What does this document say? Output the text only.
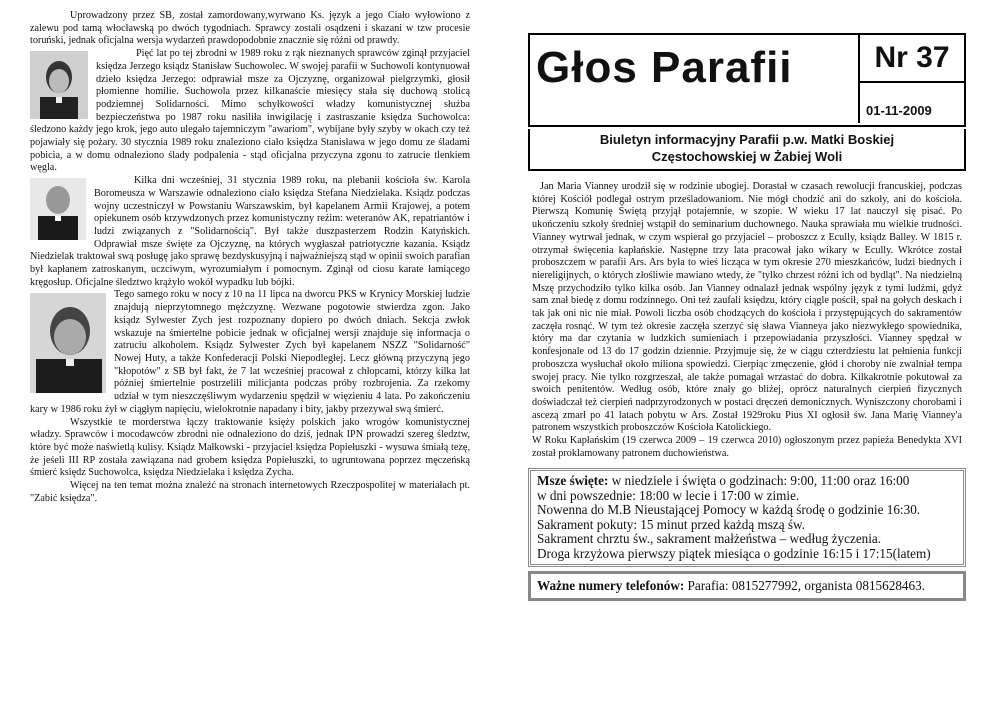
Uprowadzony przez SB, został zamordowany,wyrwano Ks. język a jego Ciało wyłowiono z zalewu pod tamą włocławską po dwóch tygodniach. Sprawcy zostali osądzeni i skazani w tzw procesie toruński, jednak oficjalna wersja wydarzeń prawdopodobnie znacznie się różni od prawdy.

Pięć lat po tej zbrodni w 1989 roku z rąk nieznanych sprawców zginął przyjaciel księdza Jerzego ksiądz Stanisław Suchowolec. W swojej parafii w Suchowoli kontynuował dzieło księdza Jerzego: odprawiał msze za Ojczyznę, organizował pielgrzymki, głosił płomienne homilie. Suchowola przez kilkanaście miesięcy stała się duchową stolicą podziemnej Solidarności. Mimo schyłkowości władzy komunistycznej służba bezpieczeństwa po 1987 roku nasiliła inwigilację i zastraszanie księdza Suchowolca: śledzono każdy jego krok, jego auto ulegało tajemniczym "awariom", wybijane były szyby w okach czy też pojawiały się pożary. 30 stycznia 1989 roku znaleziono ciało księdza Stanisława w jego domu ze śladami pobicia, a w domu odnaleziono ślady podpalenia - stąd oficjalna przyczyna zgonu to zatrucie tlenkiem węgla.

Kilka dni wcześniej, 31 stycznia 1989 roku, na plebanii kościoła św. Karola Boromeusza w Warszawie odnaleziono ciało księdza Stefana Niedzielaka. Ksiądz podczas wojny uczestniczył w Powstaniu Warszawskim, był kapelanem Armii Krajowej, a potem opiekunem osób krzywdzonych przez komunistyczny reżim: weteranów AK, repatriantów i ludzi związanych z "Solidarnością". Był także duszpasterzem Rodzin Katyńskich. Odprawiał msze święte za Ojczyznę, na których wygłaszał patriotyczne kazania. Ksiądz Niedzielak traktował swą posługę jako sprawę bezdyskusyjną i najważniejszą stąd w opinii swoich parafian był kapłanem zatroskanym, uczciwym, wyrozumiałym i pomocnym. Zginął od ciosu karate łamiącego kręgosłup. Oficjalne śledztwo krążyło wokół wypadku lub bójki.

Tego samego roku w nocy z 10 na 11 lipca na dworcu PKS w Krynicy Morskiej ludzie znajdują nieprzytomnego mężczyznę. Wezwane pogotowie stwierdza zgon. Jako ksiądz Sylwester Zych jest rozpoznany dopiero po dwóch dniach. Sekcja zwłok wskazuje na śmiertelne pobicie jednak w oficjalnej wersji znajduje się informacja o zatruciu alkoholem. Ksiądz Sylwester Zych był kapelanem NSZZ "Solidarność" Nowej Huty, a także Konfederacji Polski Niepodległej. Lecz główną przyczyną jego "kłopotów" z SB był fakt, że 7 lat wcześniej pracował z chłopcami, którzy kilka lat później śmiertelnie postrzelili milicjanta podczas próby rozbrojenia. Za rzekomy udział w tym nieszczęśliwym wydarzeniu spędził w więzieniu 4 lata. Po zakończeniu kary w 1986 roku żył w ciągłym napięciu, wielokrotnie napadany i bity, jakby przezywał swą śmierć.

Wszystkie te morderstwa łączy traktowanie księży polskich jako wrogów komunistycznej władzy. Sprawców i mocodawców zbrodni nie odnaleziono do dziś, jednak IPN prowadzi szereg śledztw, które być może naświetlą kulisy. Ksiądz Małkowski - przyjaciel księdza Popiełuszki - wysuwa śmiałą tezę, że jeśeli III RP została zawiązana nad grobem księdza Popiełuszki, to ugruntowana poprzez męczeńską śmierć księdz Suchowolca, księdza Niedzielaka i księdza Zycha.

Więcej na ten temat można znaleźć na stronach internetowych Rzeczpospolitej w materiałach pt. "Zabić księdza".

Głos Parafii	Nr 37
01-11-2009
Biuletyn informacyjny Parafii p.w. Matki Boskiej
Częstochowskiej w Żabiej Woli

Jan Maria Vianney urodził się w rodzinie ubogiej. Dorastał w czasach rewolucji francuskiej, podczas której Kościół podlegał ostrym prześladowaniom. Nie mógł chodzić ani do szkoły, ani do kościoła. Pierwszą Komunię Świętą przyjął potajemnie, w szopie. W wieku 17 lat nauczył się pisać. Po ukończeniu szkoły średniej wstąpił do seminarium duchownego. Nauka sprawiała mu wielkie trudności. Vianney wytrwał jednak, w czym wspierał go przyjaciel – proboszcz z Ecully, ksiądz Balley. W 1815 r. otrzymał święcenia kapłańskie. Następne trzy lata pracował jako wikary w Ecully. Wkrótce został proboszczem w parafii Ars. Ars była to wieś licząca w tym okresie 270 mieszkańców, ludzi biednych i niereligijnych, o których złośliwie mawiano wtedy, że "tylko chrzest różni ich od bydląt". Na niedzielną Mszę przychodziło tylko kilka osób. Jan Vianney odnalazł jednak wspólny język z tymi ludźmi, gdyż sam znał biedę z domu rodzinnego. Oni też zaufali księdzu, który ciągle pościł, spał na gołych deskach i tak jak oni nic nie miał. Powoli liczba osób chodzących do kościoła i przystępujących do sakramentów zaczęła rosnąć. W tym też okresie zaczęła szerzyć się sława Vianneya jako niezwykłego spowiednika, który ma dar czytania w ludzkich sumieniach i przepowiadania przyszłości. Vianney spędzał w konfesjonale od 13 do 17 godzin dziennie. Przyjmuje się, że w ciągu czterdziestu lat pełnienia funkcji proboszcza wysłuchał około miliona spowiedzi. Cierpiąc zmęczenie, głód i choroby nie zwalniał tempa swojej pracy. Nie tylko rozgrzeszał, ale także pomagał wrzastać do dobra. Kilkakrotnie pokutował za swoich penitentów. Według osób, które znały go bliżej, oprócz naturalnych cierpień fizycznych doświadczał też cierpień nadprzyrodzonych w postaci dręczeń demonicznych. Wyniszczony chorobami i ascezą zmarł po 41 latach pobytu w Ars. Został 1929roku Pius XI ogłosił św. Jana Marię Vianney'a patronem wszystkich proboszczów Kościoła Katolickiego.

W Roku Kapłańskim (19 czerwca 2009 – 19 czerwca 2010) ogłoszonym przez papieża Benedykta XVI został proklamowany patronem duchowieństwa.

Msze święte: w niedziele i święta o godzinach: 9:00, 11:00 oraz 16:00
w dni powszednie: 18:00 w lecie i 17:00 w zimie.
Nowenna do M.B Nieustającej Pomocy w każdą środę o godzinie 16:30.
Sakrament pokuty: 15 minut przed każdą mszą św.
Sakrament chrztu św., sakrament małżeństwa – według życzenia.
Droga krzyżowa pierwszy piątek miesiąca o godzinie 16:15 i 17:15(latem)
Ważne numery telefonów: Parafia: 0815277992, organista 0815628463.
